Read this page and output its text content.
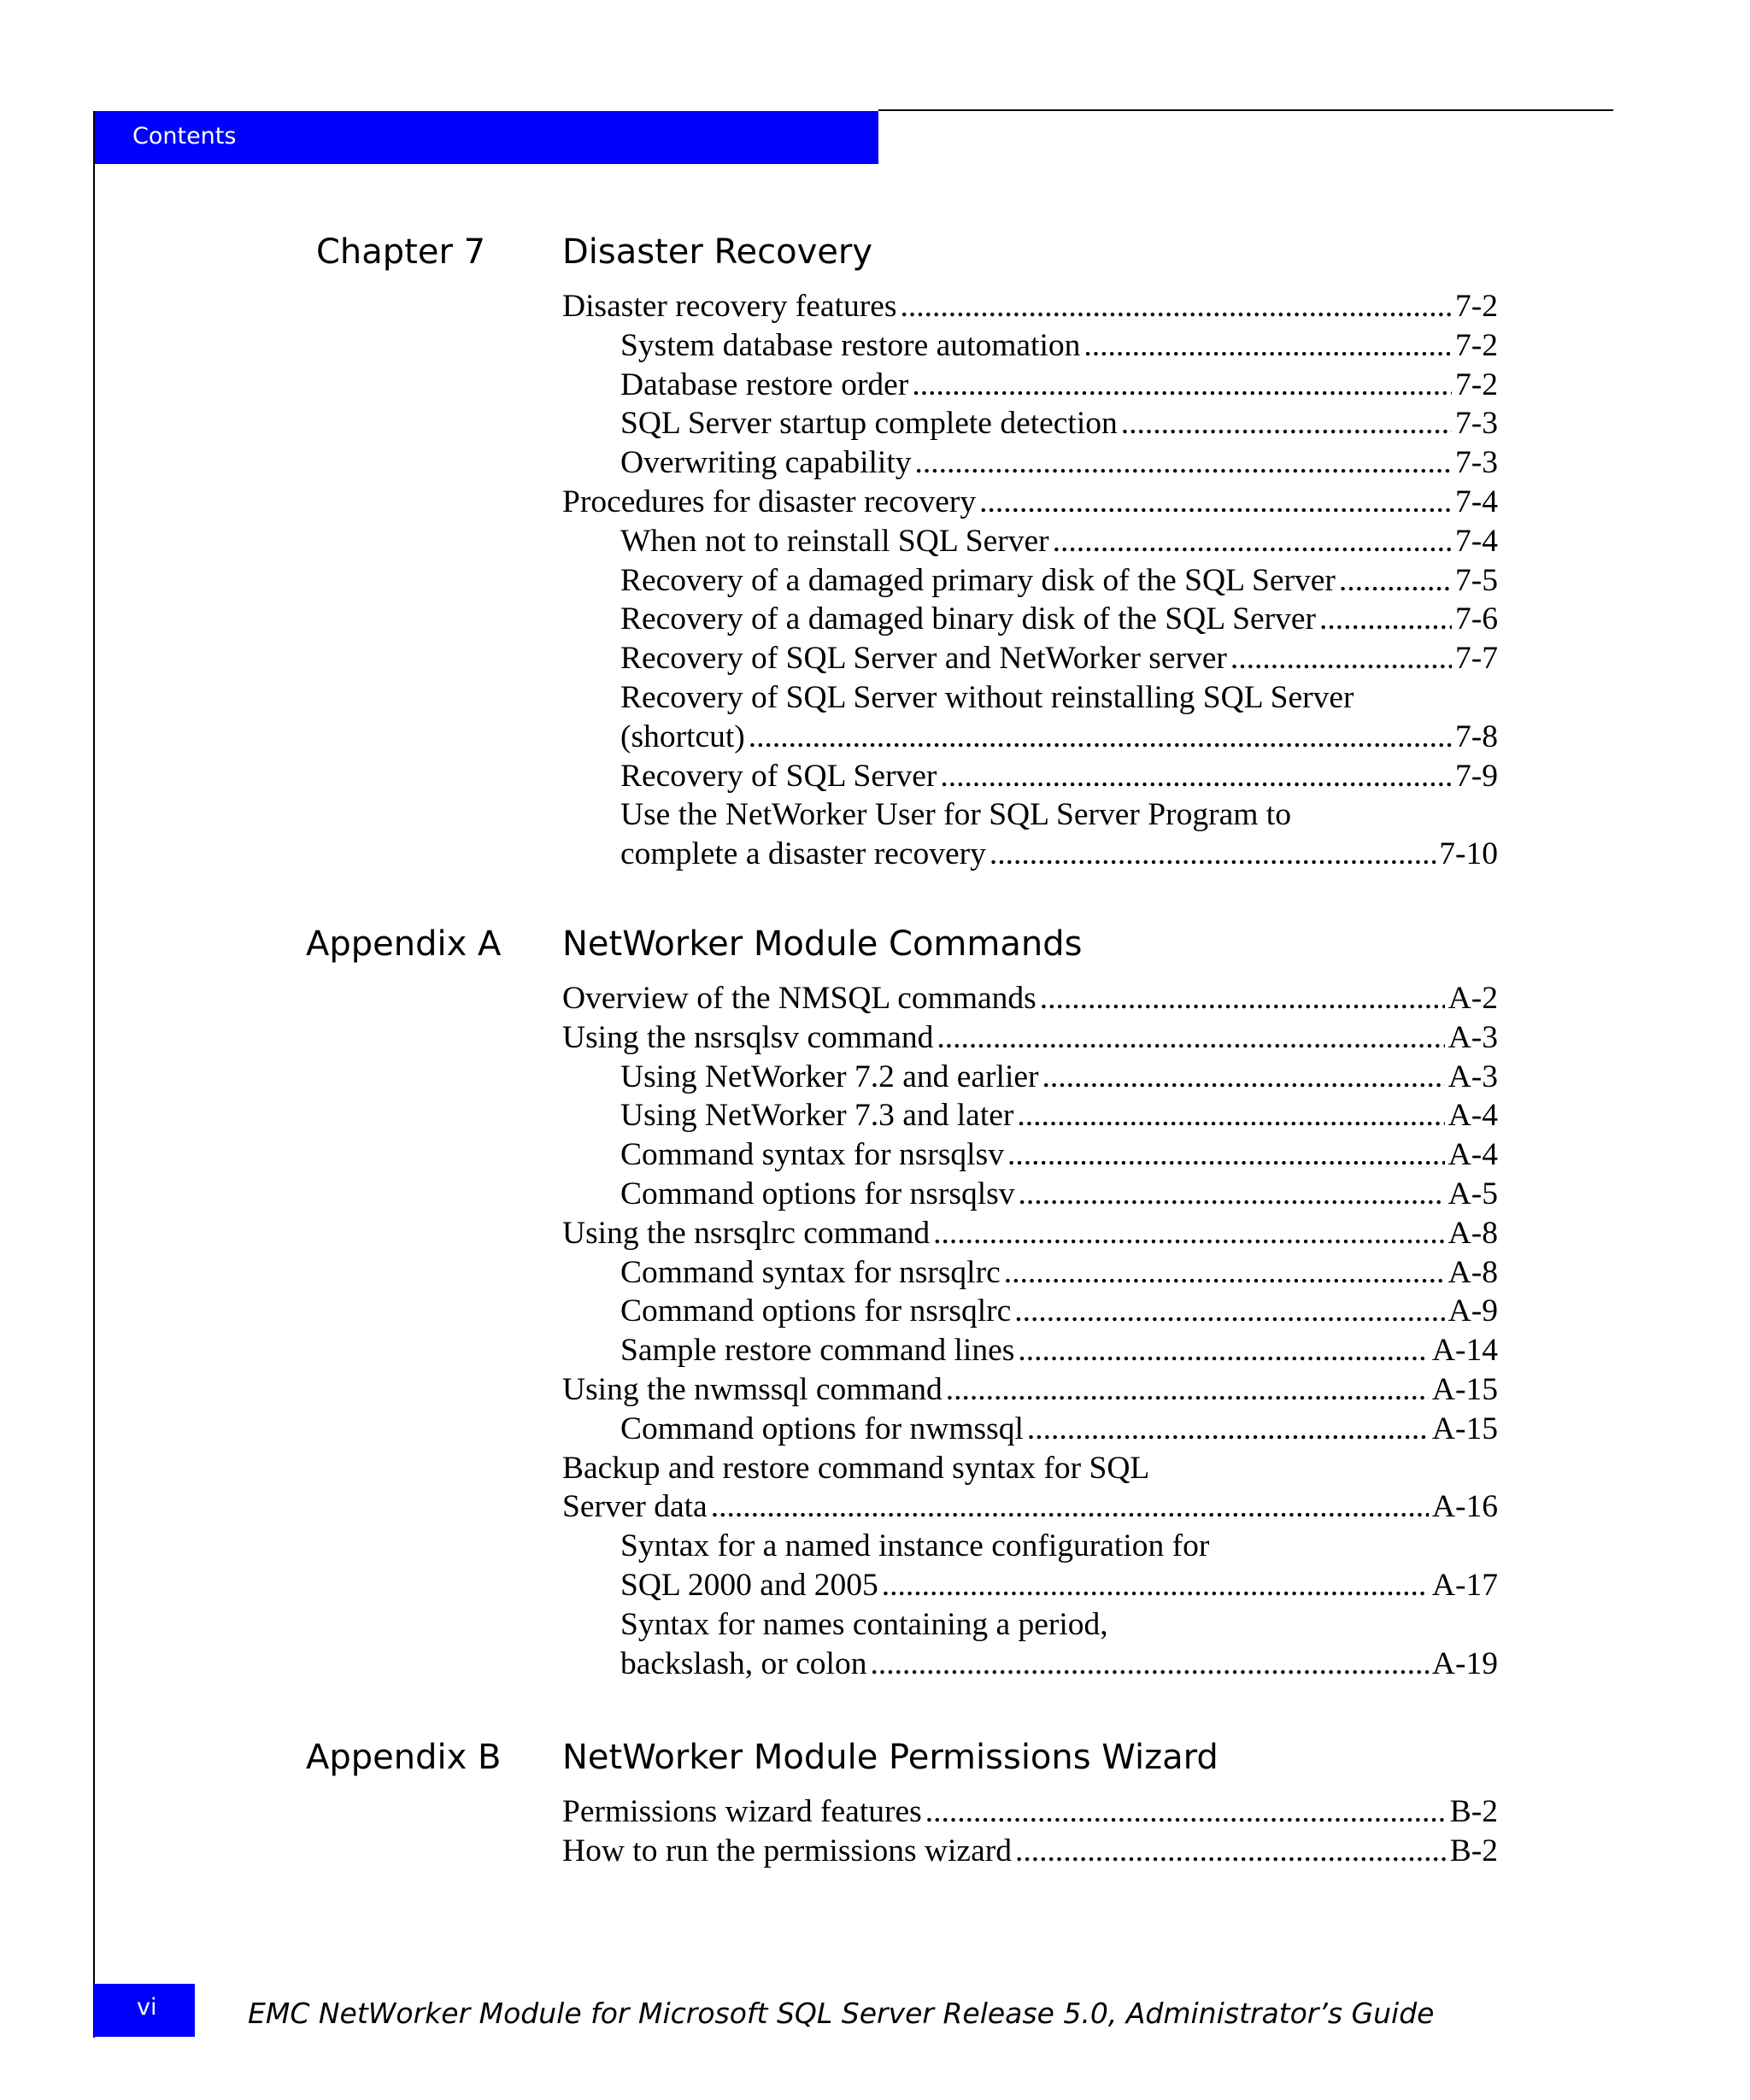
Contents
Chapter 7 Disaster Recovery
Disaster recovery features .....	7-2
System database restore automation .....	7-2
Database restore order .....	7-2
SQL Server startup complete detection .....	7-3
Overwriting capability .....	7-3
Procedures for disaster recovery .....	7-4
When not to reinstall SQL Server .....	7-4
Recovery of a damaged primary disk of the SQL Server .....	7-5
Recovery of a damaged binary disk of the SQL Server .....	7-6
Recovery of SQL Server and NetWorker server .....	7-7
Recovery of SQL Server without reinstalling SQL Server
(shortcut) .....	7-8
Recovery of SQL Server .....	7-9
Use the NetWorker User for SQL Server Program to
complete a disaster recovery .....	7-10
Appendix A NetWorker Module Commands
Overview of the NMSQL commands .....	A-2
Using the nsrsqlsv command .....	A-3
Using NetWorker 7.2 and earlier .....	A-3
Using NetWorker 7.3 and later .....	A-4
Command syntax for nsrsqlsv .....	A-4
Command options for nsrsqlsv .....	A-5
Using the nsrsqlrc command .....	A-8
Command syntax for nsrsqlrc .....	A-8
Command options for nsrsqlrc .....	A-9
Sample restore command lines .....	A-14
Using the nwmssql command .....	A-15
Command options for nwmssql .....	A-15
Backup and restore command syntax for SQL
Server data .....	A-16
Syntax for a named instance configuration for
SQL 2000 and 2005 .....	A-17
Syntax for names containing a period,
backslash, or colon .....	A-19
Appendix B NetWorker Module Permissions Wizard
Permissions wizard features .....	B-2
How to run the permissions wizard .....	B-2
vi	EMC NetWorker Module for Microsoft SQL Server Release 5.0, Administrator’s Guide
